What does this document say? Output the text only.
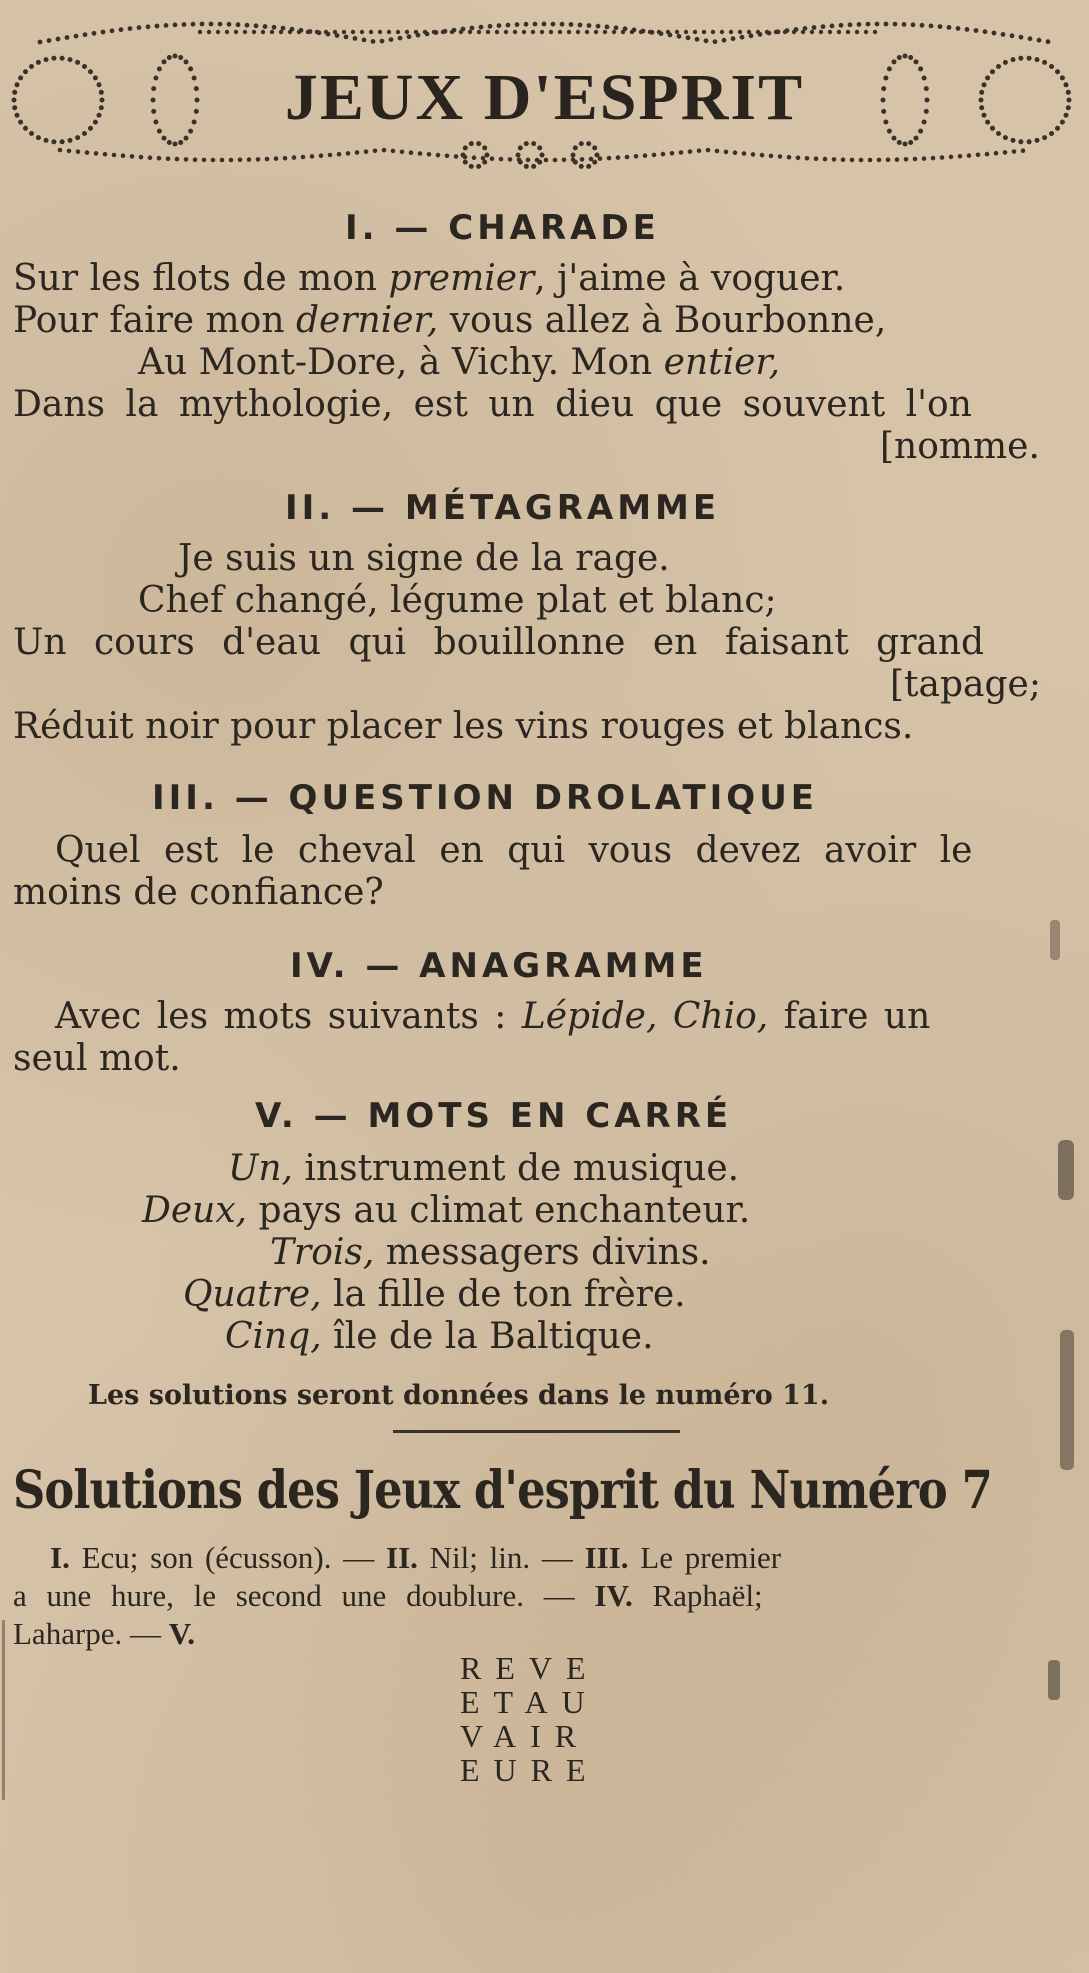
JEUX D'ESPRIT
I. — CHARADE
Sur les flots de mon premier, j'aime à voguer.
Pour faire mon dernier, vous allez à Bourbonne,
Au Mont-Dore, à Vichy. Mon entier,
Dans la mythologie, est un dieu que souvent l'on
[nomme.
II. — MÉTAGRAMME
Je suis un signe de la rage.
Chef changé, légume plat et blanc;
Un cours d'eau qui bouillonne en faisant grand
[tapage;
Réduit noir pour placer les vins rouges et blancs.
III. — QUESTION DROLATIQUE
Quel est le cheval en qui vous devez avoir le
moins de confiance?
IV. — ANAGRAMME
Avec les mots suivants : Lépide, Chio, faire un
seul mot.
V. — MOTS EN CARRÉ
Un, instrument de musique.
Deux, pays au climat enchanteur.
Trois, messagers divins.
Quatre, la fille de ton frère.
Cinq, île de la Baltique.
Les solutions seront données dans le numéro 11.
Solutions des Jeux d'esprit du Numéro 7
I. Ecu; son (écusson). — II. Nil; lin. — III. Le premier
a une hure, le second une doublure. — IV. Raphaël;
Laharpe. — V.
REVE
ETAU
VAIR
EURE
